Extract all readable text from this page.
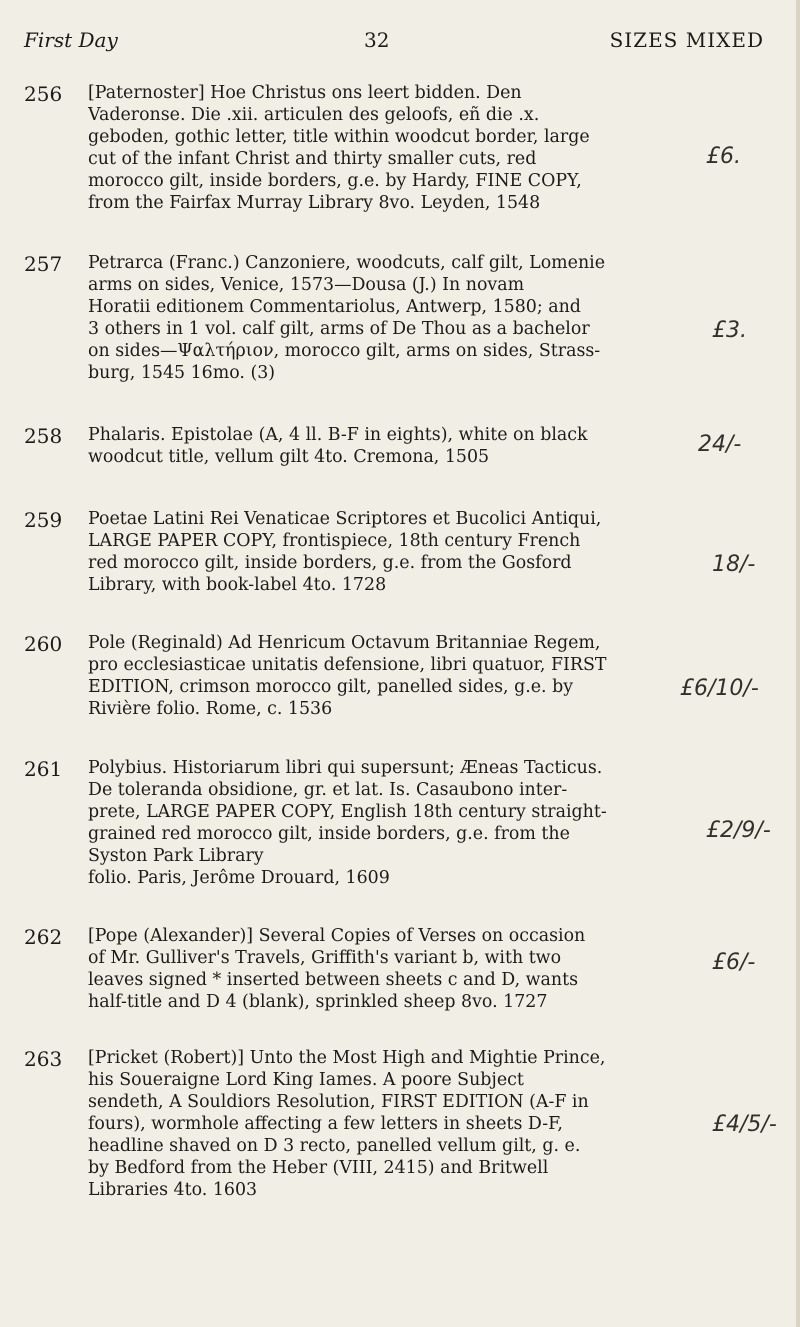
First Day	32	SIZES MIXED
256	[Paternoster] Hoe Christus ons leert bidden. Den
Vaderonse. Die .xii. articulen des geloofs, eñ die .x.
geboden, gothic letter, title within woodcut border, large
cut of the infant Christ and thirty smaller cuts, red
morocco gilt, inside borders, g.e. by Hardy, FINE COPY,
from the Fairfax Murray Library 8vo. Leyden, 1548
£6.
257	Petrarca (Franc.) Canzoniere, woodcuts, calf gilt, Lomenie
arms on sides, Venice, 1573—Dousa (J.) In novam
Horatii editionem Commentariolus, Antwerp, 1580; and
3 others in 1 vol. calf gilt, arms of De Thou as a bachelor
on sides—Ψαλτήριον, morocco gilt, arms on sides, Strass-
burg, 1545 16mo. (3)
£3.
258	Phalaris. Epistolae (A, 4 ll. B-F in eights), white on black
woodcut title, vellum gilt 4to. Cremona, 1505	24/-
259	Poetae Latini Rei Venaticae Scriptores et Bucolici Antiqui,
LARGE PAPER COPY, frontispiece, 18th century French
red morocco gilt, inside borders, g.e. from the Gosford
Library, with book-label 4to. 1728
18/-
260	Pole (Reginald) Ad Henricum Octavum Britanniae Regem,
pro ecclesiasticae unitatis defensione, libri quatuor, FIRST
EDITION, crimson morocco gilt, panelled sides, g.e. by
Rivière folio. Rome, c. 1536
£6/10/-
261	Polybius. Historiarum libri qui supersunt; Æneas Tacticus.
De toleranda obsidione, gr. et lat. Is. Casaubono inter-
prete, LARGE PAPER COPY, English 18th century straight-
grained red morocco gilt, inside borders, g.e. from the
Syston Park Library
folio. Paris, Jerôme Drouard, 1609
£2/9/-
262	[Pope (Alexander)] Several Copies of Verses on occasion
of Mr. Gulliver's Travels, Griffith's variant b, with two
leaves signed * inserted between sheets c and D, wants
half-title and D 4 (blank), sprinkled sheep 8vo. 1727
£6/-
263	[Pricket (Robert)] Unto the Most High and Mightie Prince,
his Soueraigne Lord King Iames. A poore Subject
sendeth, A Souldiors Resolution, FIRST EDITION (A-F in
fours), wormhole affecting a few letters in sheets D-F,
headline shaved on D 3 recto, panelled vellum gilt, g. e.
by Bedford from the Heber (VIII, 2415) and Britwell
Libraries 4to. 1603
£4/5/-
